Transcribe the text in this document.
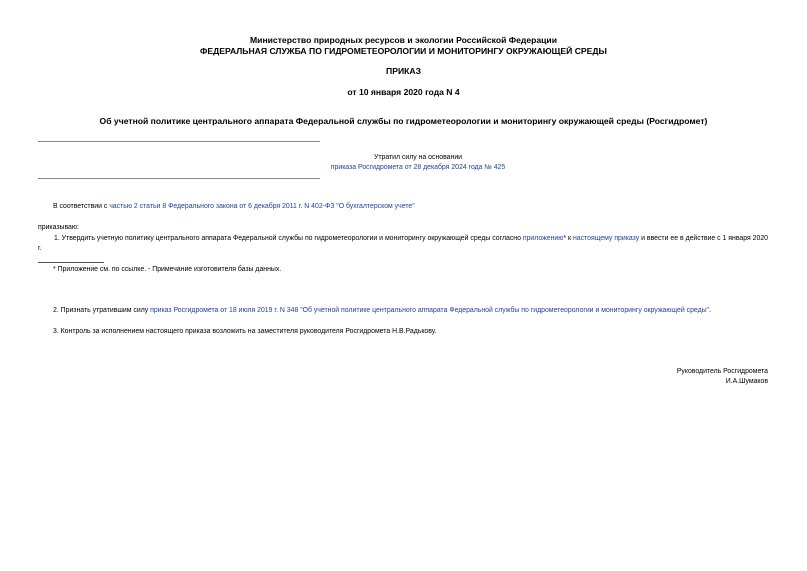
Министерство природных ресурсов и экологии Российской Федерации
ФЕДЕРАЛЬНАЯ СЛУЖБА ПО ГИДРОМЕТЕОРОЛОГИИ И МОНИТОРИНГУ ОКРУЖАЮЩЕЙ СРЕДЫ
ПРИКАЗ
от 10 января 2020 года N 4
Об учетной политике центрального аппарата Федеральной службы по гидрометеорологии и мониторингу окружающей среды (Росгидромет)
Утратил силу на основании
приказа Росгидромета от 28 декабря 2024 года № 425
В соответствии с частью 2 статьи 8 Федерального закона от 6 декабря 2011 г. N 402-ФЗ "О бухгалтерском учете"
приказываю:
1. Утвердить учетную политику центрального аппарата Федеральной службы по гидрометеорологии и мониторингу окружающей среды согласно приложению* к настоящему приказу и ввести ее в действие с 1 января 2020 г.
* Приложение см. по ссылке. - Примечание изготовителя базы данных.
2. Признать утратившим силу приказ Росгидромета от 18 июля 2019 г. N 348 "Об учетной политике центрального аппарата Федеральной службы по гидрометеорологии и мониторингу окружающей среды".
3. Контроль за исполнением настоящего приказа возложить на заместителя руководителя Росгидромета Н.В.Радькову.
Руководитель Росгидромета
И.А.Шумаков
